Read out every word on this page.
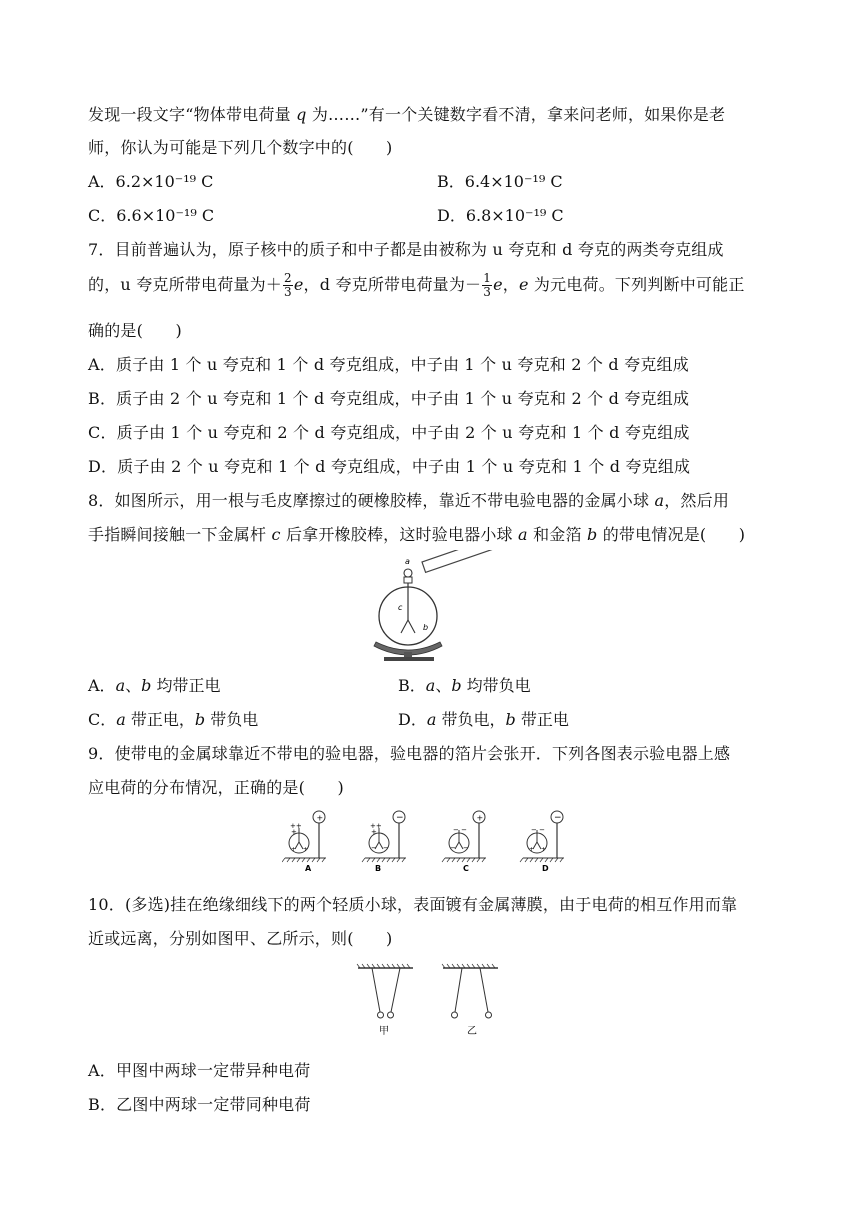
发现一段文字“物体带电荷量 q 为……”有一个关键数字看不清，拿来问老师，如果你是老
师，你认为可能是下列几个数字中的(　　)
A．6.2×10⁻¹⁹ C	B．6.4×10⁻¹⁹ C
C．6.6×10⁻¹⁹ C	D．6.8×10⁻¹⁹ C
7．目前普遍认为，原子核中的质子和中子都是由被称为 u 夸克和 d 夸克的两类夸克组成
的，u 夸克所带电荷量为＋ $\frac{2}{3}$ e，d 夸克所带电荷量为－ $\frac{1}{3}$ e，e 为元电荷。下列判断中可能正
确的是(　　)
A．质子由 1 个 u 夸克和 1 个 d 夸克组成，中子由 1 个 u 夸克和 2 个 d 夸克组成
B．质子由 2 个 u 夸克和 1 个 d 夸克组成，中子由 1 个 u 夸克和 2 个 d 夸克组成
C．质子由 1 个 u 夸克和 2 个 d 夸克组成，中子由 2 个 u 夸克和 1 个 d 夸克组成
D．质子由 2 个 u 夸克和 1 个 d 夸克组成，中子由 1 个 u 夸克和 1 个 d 夸克组成
8．如图所示，用一根与毛皮摩擦过的硬橡胶棒，靠近不带电验电器的金属小球 a，然后用
手指瞬间接触一下金属杆 c 后拿开橡胶棒，这时验电器小球 a 和金箔 b 的带电情况是(　　)
a
c
b
A．a、b 均带正电	B．a、b 均带负电
C．a 带正电，b 带负电	D．a 带负电，b 带正电
9．使带电的金属球靠近不带电的验电器，验电器的箔片会张开．下列各图表示验电器上感
应电荷的分布情况，正确的是(　　)
+
++
+
+ +
A
−
++
+
− −
B
+
− −
− −
C
−
− −
+ +
D
10．(多选)挂在绝缘细线下的两个轻质小球，表面镀有金属薄膜，由于电荷的相互作用而靠
近或远离，分别如图甲、乙所示，则(　　)
甲	乙
A．甲图中两球一定带异种电荷
B．乙图中两球一定带同种电荷
